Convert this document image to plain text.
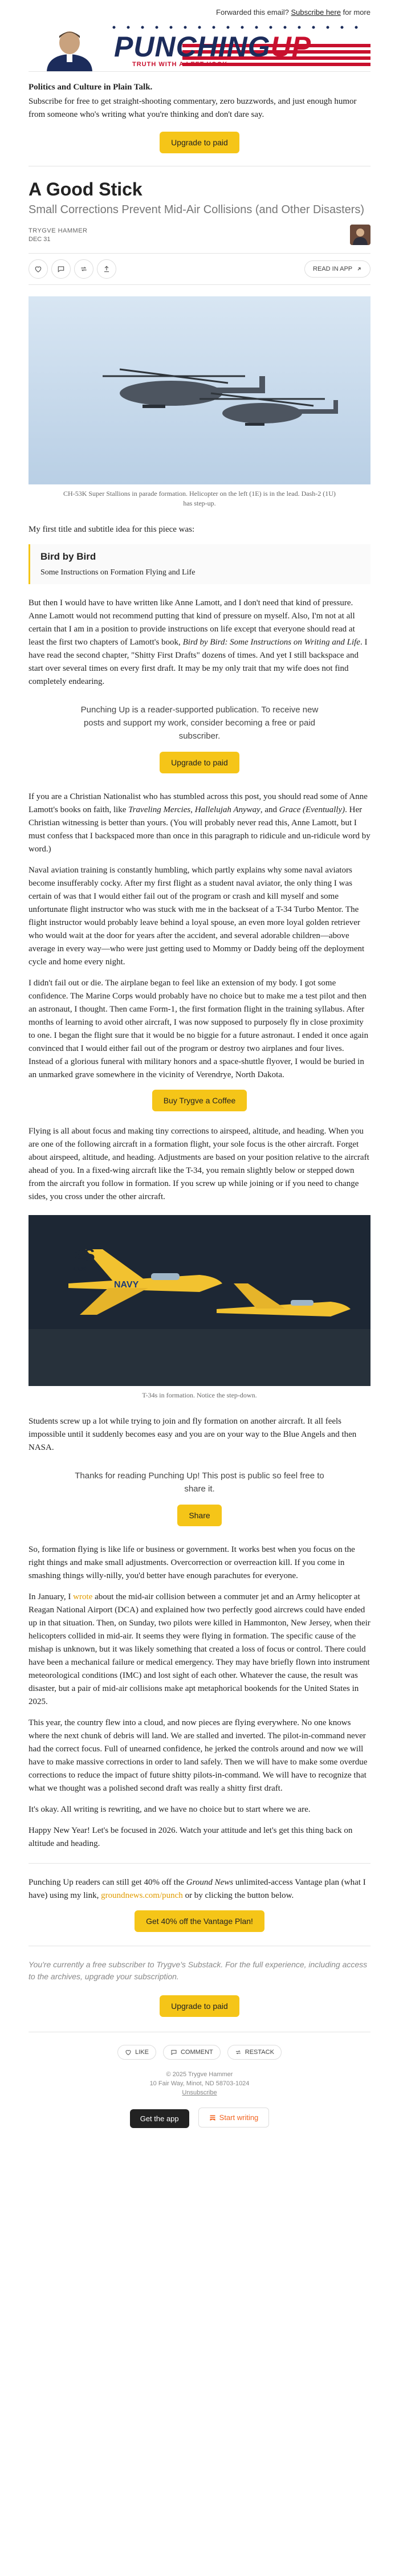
Forwarded this email? Subscribe here for more
PUNCHINGUP
TRUTH WITH A LEFT HOOK

Politics and Culture in Plain Talk.

Subscribe for free to get straight-shooting commentary, zero buzzwords, and just enough humor from someone who's writing what you're thinking and don't dare say.

Upgrade to paid
A Good Stick
Small Corrections Prevent Mid-Air Collisions (and Other Disasters)
TRYGVE HAMMER
DEC 31
READ IN APP
CH-53K Super Stallions in parade formation. Helicopter on the left (1E) is in the lead. Dash-2 (1U) has step-up.

My first title and subtitle idea for this piece was:

Bird by Bird
Some Instructions on Formation Flying and Life

But then I would have to have written like Anne Lamott, and I don't need that kind of pressure. Anne Lamott would not recommend putting that kind of pressure on myself. Also, I'm not at all certain that I am in a position to provide instructions on life except that everyone should read at least the first two chapters of Lamott's book, Bird by Bird: Some Instructions on Writing and Life. I have read the second chapter, "Shitty First Drafts" dozens of times. And yet I still backspace and start over several times on every first draft. It may be my only trait that my wife does not find completely endearing.

Punching Up is a reader-supported publication. To receive new posts and support my work, consider becoming a free or paid subscriber.
Upgrade to paid

If you are a Christian Nationalist who has stumbled across this post, you should read some of Anne Lamott's books on faith, like Traveling Mercies, Hallelujah Anyway, and Grace (Eventually). Her Christian witnessing is better than yours. (You will probably never read this, Anne Lamott, but I must confess that I backspaced more than once in this paragraph to ridicule and un-ridicule word by word.)

Naval aviation training is constantly humbling, which partly explains why some naval aviators become insufferably cocky. After my first flight as a student naval aviator, the only thing I was certain of was that I would either fail out of the program or crash and kill myself and some unfortunate flight instructor who was stuck with me in the backseat of a T-34 Turbo Mentor. The flight instructor would probably leave behind a loyal spouse, an even more loyal golden retriever who would wait at the door for years after the accident, and several adorable children—above average in every way—who were just getting used to Mommy or Daddy being off the deployment cycle and home every night.

I didn't fail out or die. The airplane began to feel like an extension of my body. I got some confidence. The Marine Corps would probably have no choice but to make me a test pilot and then an astronaut, I thought. Then came Form-1, the first formation flight in the training syllabus. After months of learning to avoid other aircraft, I was now supposed to purposely fly in close proximity to one. I began the flight sure that it would be no biggie for a future astronaut. I ended it once again convinced that I would either fail out of the program or destroy two airplanes and four lives. Instead of a glorious funeral with military honors and a space-shuttle flyover, I would be buried in an unmarked grave somewhere in the vicinity of Verendrye, North Dakota.

Buy Trygve a Coffee

Flying is all about focus and making tiny corrections to airspeed, altitude, and heading. When you are one of the following aircraft in a formation flight, your sole focus is the other aircraft. Forget about airspeed, altitude, and heading. Adjustments are based on your position relative to the aircraft ahead of you. In a fixed-wing aircraft like the T-34, you remain slightly below or stepped down from the aircraft you follow in formation. If you screw up while joining or if you need to change sides, you cross under the other aircraft.

2S
4169
NAVY
T-34s in formation. Notice the step-down.

Students screw up a lot while trying to join and fly formation on another aircraft. It all feels impossible until it suddenly becomes easy and you are on your way to the Blue Angels and then NASA.

Thanks for reading Punching Up! This post is public so feel free to share it.
Share

So, formation flying is like life or business or government. It works best when you focus on the right things and make small adjustments. Overcorrection or overreaction kill. If you come in smashing things willy-nilly, you'd better have enough parachutes for everyone.

In January, I wrote about the mid-air collision between a commuter jet and an Army helicopter at Reagan National Airport (DCA) and explained how two perfectly good aircrews could have ended up in that situation. Then, on Sunday, two pilots were killed in Hammonton, New Jersey, when their helicopters collided in mid-air. It seems they were flying in formation. The specific cause of the mishap is unknown, but it was likely something that created a loss of focus or control. There could have been a mechanical failure or medical emergency. They may have briefly flown into instrument meteorological conditions (IMC) and lost sight of each other. Whatever the cause, the result was disaster, but a pair of mid-air collisions make apt metaphorical bookends for the United States in 2025.

This year, the country flew into a cloud, and now pieces are flying everywhere. No one knows where the next chunk of debris will land. We are stalled and inverted. The pilot-in-command never had the correct focus. Full of unearned confidence, he jerked the controls around and now we will have to make massive corrections in order to land safely. Then we will have to make some overdue corrections to reduce the impact of future shitty pilots-in-command. We will have to recognize that what we thought was a polished second draft was really a shitty first draft.

It's okay. All writing is rewriting, and we have no choice but to start where we are.

Happy New Year! Let's be focused in 2026. Watch your attitude and let's get this thing back on altitude and heading.

Punching Up readers can still get 40% off the Ground News unlimited-access Vantage plan (what I have) using my link, groundnews.com/punch or by clicking the button below.

Get 40% off the Vantage Plan!
You're currently a free subscriber to Trygve's Substack. For the full experience, including access to the archives, upgrade your subscription.
Upgrade to paid
LIKE
	COMMENT
	RESTACK
© 2025 Trygve Hammer
10 Fair Way, Minot, ND 58703-1024
Unsubscribe
Get the app
	Start writing
